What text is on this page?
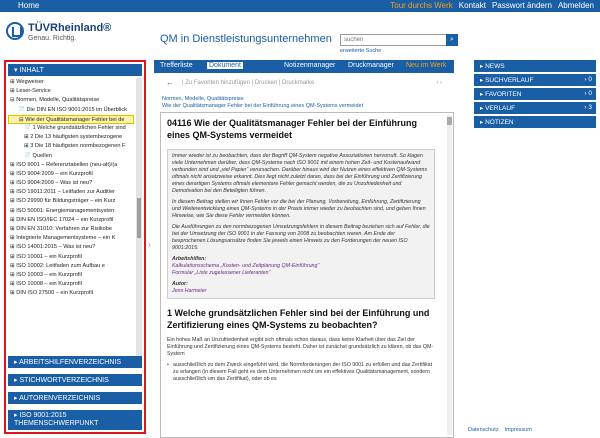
Home	Tour durchs Werk Kontakt Passwort ändern Abmelden
TÜVRheinland®
Genau. Richtig.	QM in Dienstleistungsunternehmen
suchen	⌕
erweiterte Suche
▾ INHALT
⊞ Wegweiser
⊞ Leser-Service
⊟ Normen, Modelle, Qualitätspreise
📄 Die DIN EN ISO 9001:2015 im Überblick
⊟ Wie der Qualitätsmanager Fehler bei de
📄 1 Welche grundsätzlichen Fehler sind
⊞ 2 Die 13 häufigsten systembezogene
⊞ 3 Die 18 häufigsten normbezogenen F
📄 Quellen
⊞ ISO 9001 – Referenztabellen (neu-alt)/(a
⊞ ISO 9004:2009 – ein Kurzprofil
⊞ ISO 9004:2009 – Was ist neu?
⊞ ISO 19011:2011 – Leitfaden zur Auditier
⊞ ISO 29990 für Bildungsträger – ein Kurz
⊞ ISO 50001: Energiemanagementsysten
⊞ DIN EN ISO/IEC 17024 – ein Kurzprofil
⊞ DIN EN 31010: Verfahren zur Risikobe
⊞ Integrierte Managementsysteme – ein K
⊞ ISO 14001:2015 – Was ist neu?
⊞ ISO 10001 – ein Kurzprofil
⊞ ISO 10002: Leitfaden zum Aufbau e
⊞ ISO 10003 – ein Kurzprofil
⊞ ISO 10008 – ein Kurzprofil
⊞ DIN ISO 27500 – ein Kurzprofil
▸ ARBEITSHILFENVERZEICHNIS
▸ STICHWORTVERZEICHNIS
▸ AUTORENVERZEICHNIS
▸ ISO 9001:2015 THEMENSCHWERPUNKT
›
Trefferliste	Dokument	Notizenmanager Druckmanager Neu im Werk
← | Zu Favoriten hinzufügen | Drucken | Druckmarke	‹ ›
Normen, Modelle, Qualitätspreise
Wie der Qualitätsmanager Fehler bei der Einführung eines QM-Systems vermeidet
04116 Wie der Qualitätsmanager Fehler bei der Einführung eines QM-Systems vermeidet

Immer wieder ist zu beobachten, dass der Begriff QM-System negative Assoziationen hervorruft. So klagen viele Unternehmen darüber, dass QM-Systeme nach ISO 9001 mit einem hohen Zeit- und Kostenaufwand verbunden sind und „viel Papier“ verursachen. Darüber hinaus wird der Nutzen eines effektiven QM-Systems oftmals nicht ansatzweise erkannt. Dies liegt nicht zuletzt daran, dass bei der Einführung und Zertifizierung eines derartigen Systems oftmals elementare Fehler gemacht werden, die zu Unzufriedenheit und Demotivation bei den Beteiligten führen.

In diesem Beitrag stellen wir Ihnen Fehler vor die bei der Planung, Vorbereitung, Einführung, Zertifizierung und Weiterentwicklung eines QM-Systems in der Praxis immer wieder zu beobachten sind, und geben Ihnen Hinweise, wie Sie diese Fehler vermeiden können.

Die Ausführungen zu den normbezogenen Umsetzungsfehlern in diesem Beitrag beziehen sich auf Fehler, die bei der Umsetzung der ISO 9001 in der Fassung von 2008 zu beobachten waren. Am Ende der besprochenen Lösungsansätze finden Sie jeweils einen Hinweis zu den Forderungen der neuen ISO 9001:2015.

Arbeitshilfen:
Kalkulationsschema „Kosten- und Zeitplanung QM-Einführung“
Formular „Liste zugelassener Lieferanten“
Autor:
Jens Harmeier
1 Welche grundsätzlichen Fehler sind bei der Einführung und Zertifizierung eines QM-Systems zu beobachten?

Ein hohes Maß an Unzufriedenheit ergibt sich oftmals schon daraus, dass keine Klarheit über das Ziel der Einführung und Zertifizierung eines QM-Systems besteht. Daher ist zunächst grundsätzlich zu klären, ob das QM-System

• ausschließlich zu dem Zweck eingeführt wird, die Normforderungen der ISO 9001 zu erfüllen und das Zertifikat zu erlangen (in diesem Fall geht es dem Unternehmen nicht um ein effektives Qualitätsmanagement, sondern ausschließlich um das Zertifikat), oder ob es
▸ NEWS
▸ SUCHVERLAUF	› 0
▸ FAVORITEN	› 0
▸ VERLAUF	› 3
▸ NOTIZEN
Datenschutz Impressum
